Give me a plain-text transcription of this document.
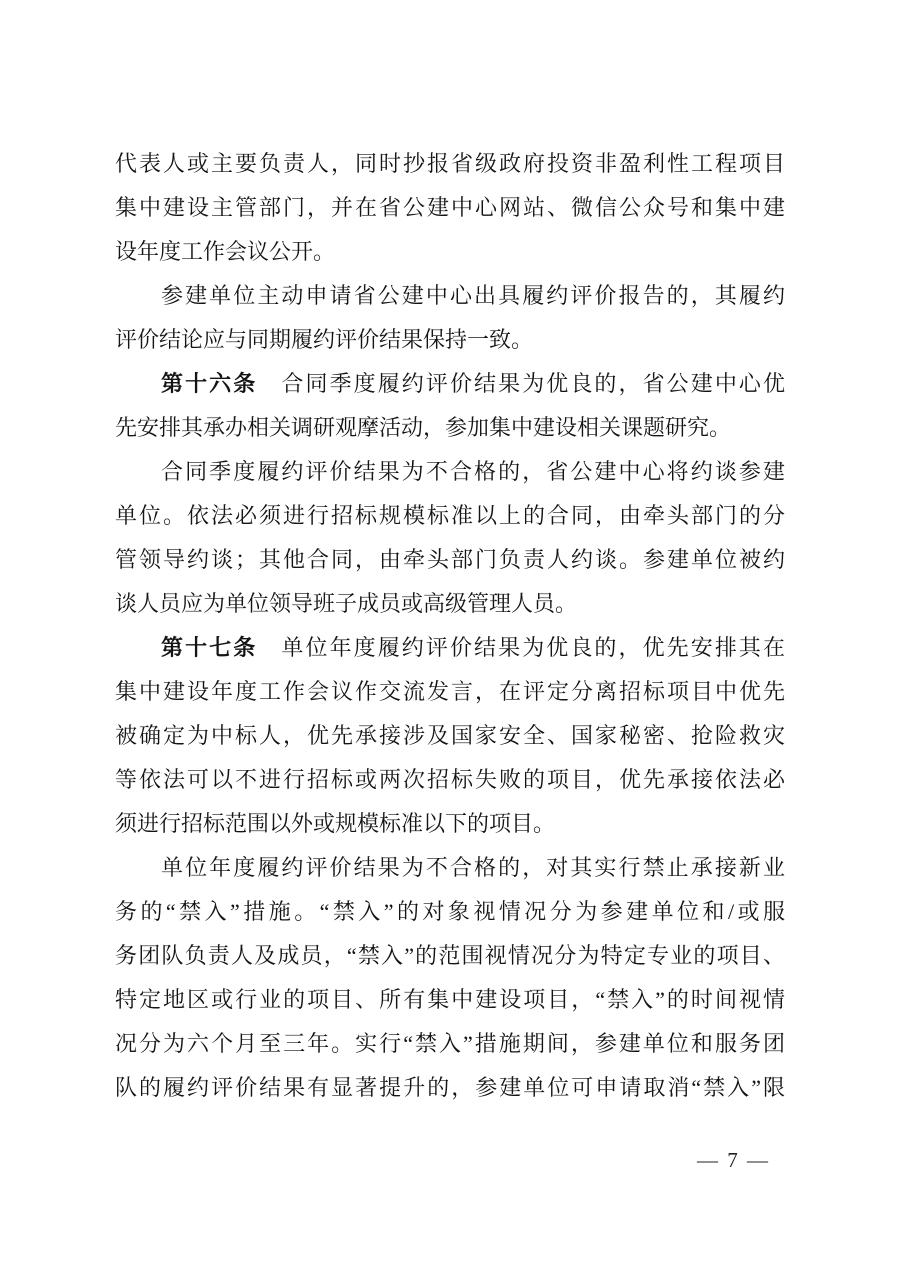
代表人或主要负责人，同时抄报省级政府投资非盈利性工程项目
集中建设主管部门，并在省公建中心网站、微信公众号和集中建
设年度工作会议公开。
参建单位主动申请省公建中心出具履约评价报告的，其履约
评价结论应与同期履约评价结果保持一致。
第十六条　合同季度履约评价结果为优良的，省公建中心优
先安排其承办相关调研观摩活动，参加集中建设相关课题研究。
合同季度履约评价结果为不合格的，省公建中心将约谈参建
单位。依法必须进行招标规模标准以上的合同，由牵头部门的分
管领导约谈；其他合同，由牵头部门负责人约谈。参建单位被约
谈人员应为单位领导班子成员或高级管理人员。
第十七条　单位年度履约评价结果为优良的，优先安排其在
集中建设年度工作会议作交流发言，在评定分离招标项目中优先
被确定为中标人，优先承接涉及国家安全、国家秘密、抢险救灾
等依法可以不进行招标或两次招标失败的项目，优先承接依法必
须进行招标范围以外或规模标准以下的项目。
单位年度履约评价结果为不合格的，对其实行禁止承接新业
务的“禁入”措施。“禁入”的对象视情况分为参建单位和/或服
务团队负责人及成员，“禁入”的范围视情况分为特定专业的项目、
特定地区或行业的项目、所有集中建设项目，“禁入”的时间视情
况分为六个月至三年。实行“禁入”措施期间，参建单位和服务团
队的履约评价结果有显著提升的，参建单位可申请取消“禁入”限
— 7 —
